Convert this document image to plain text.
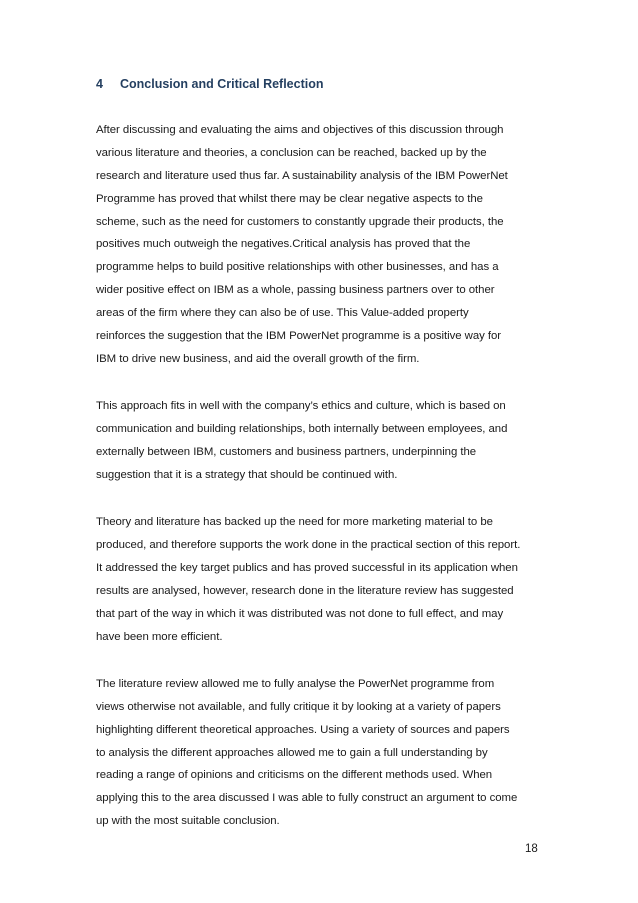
4 Conclusion and Critical Reflection

After discussing and evaluating the aims and objectives of this discussion through
various literature and theories, a conclusion can be reached, backed up by the
research and literature used thus far. A sustainability analysis of the IBM PowerNet
Programme has proved that whilst there may be clear negative aspects to the
scheme, such as the need for customers to constantly upgrade their products, the
positives much outweigh the negatives.Critical analysis has proved that the
programme helps to build positive relationships with other businesses, and has a
wider positive effect on IBM as a whole, passing business partners over to other
areas of the firm where they can also be of use. This Value-added property
reinforces the suggestion that the IBM PowerNet programme is a positive way for
IBM to drive new business, and aid the overall growth of the firm.

This approach fits in well with the company’s ethics and culture, which is based on
communication and building relationships, both internally between employees, and
externally between IBM, customers and business partners, underpinning the
suggestion that it is a strategy that should be continued with.

Theory and literature has backed up the need for more marketing material to be
produced, and therefore supports the work done in the practical section of this report.
It addressed the key target publics and has proved successful in its application when
results are analysed, however, research done in the literature review has suggested
that part of the way in which it was distributed was not done to full effect, and may
have been more efficient.

The literature review allowed me to fully analyse the PowerNet programme from
views otherwise not available, and fully critique it by looking at a variety of papers
highlighting different theoretical approaches. Using a variety of sources and papers
to analysis the different approaches allowed me to gain a full understanding by
reading a range of opinions and criticisms on the different methods used. When
applying this to the area discussed I was able to fully construct an argument to come
up with the most suitable conclusion.

18
